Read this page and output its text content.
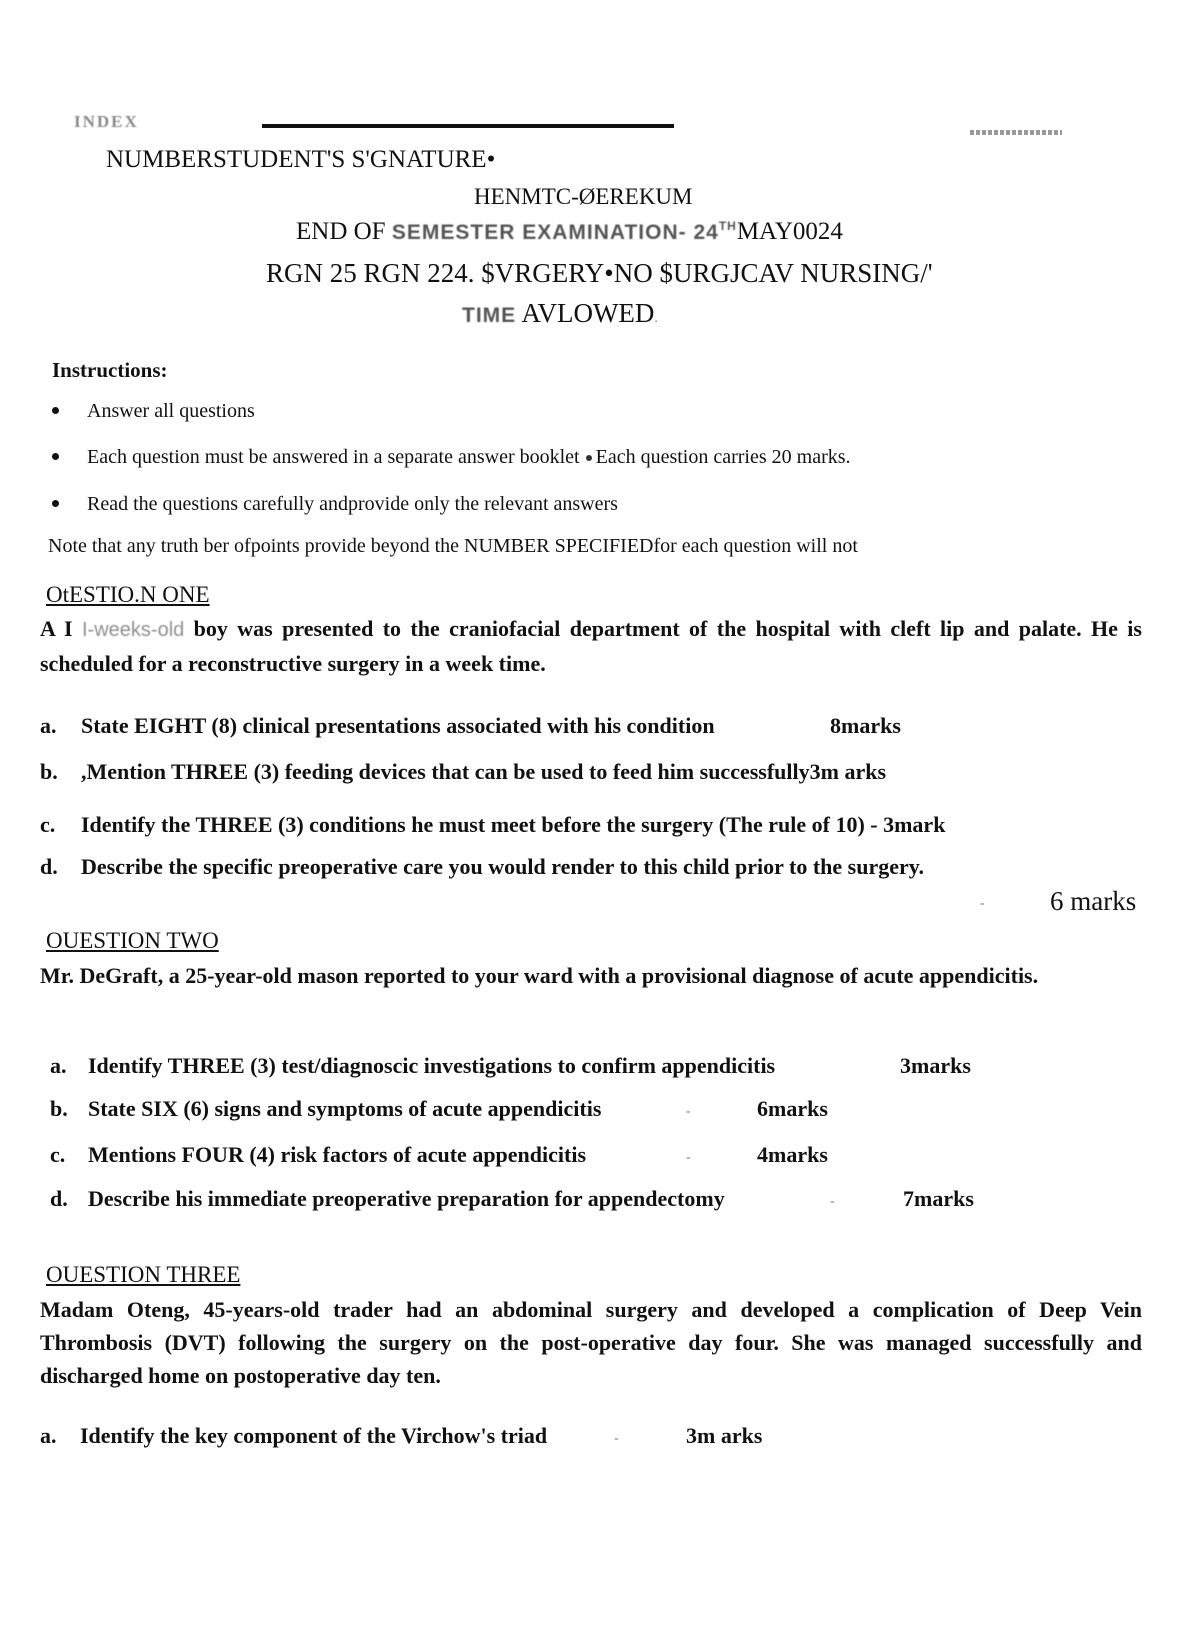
INDEX
NUMBERSTUDENT'S S'GNATURE•
HENMTC-ØEREKUM
END OF SEMESTER EXAMINATION- 24THMAY0024
RGN 25 RGN 224. $VRGERY•NO $URGJCAV NURSING/'
TIME AVLOWED.
Instructions:
Answer all questions
Each question must be answered in a separate answer booklet Each question carries 20 marks.
Read the questions carefully andprovide only the relevant answers
Note that any truth ber ofpoints provide beyond the NUMBER SPECIFIEDfor each question will not
OtESTIO.N ONE
A I I-weeks-old boy was presented to the craniofacial department of the hospital with cleft lip and palate. He is scheduled for a reconstructive surgery in a week time.
a. State EIGHT (8) clinical presentations associated with his condition	8marks
b. ,Mention THREE (3) feeding devices that can be used to feed him successfully3m arks
c. Identify the THREE (3) conditions he must meet before the surgery (The rule of 10) - 3mark
d. Describe the specific preoperative care you would render to this child prior to the surgery.
- 6 marks
OUESTION TWO
Mr. DeGraft, a 25-year-old mason reported to your ward with a provisional diagnose of acute appendicitis.
a. Identify THREE (3) test/diagnoscic investigations to confirm appendicitis	3marks
b. State SIX (6) signs and symptoms of acute appendicitis	-	6marks
c. Mentions FOUR (4) risk factors of acute appendicitis	-	4marks
d. Describe his immediate preoperative preparation for appendectomy	-	7marks
OUESTION THREE
Madam Oteng, 45-years-old trader had an abdominal surgery and developed a complication of Deep Vein Thrombosis (DVT) following the surgery on the post-operative day four. She was managed successfully and discharged home on postoperative day ten.
a. Identify the key component of the Virchow's triad	-	3m arks
